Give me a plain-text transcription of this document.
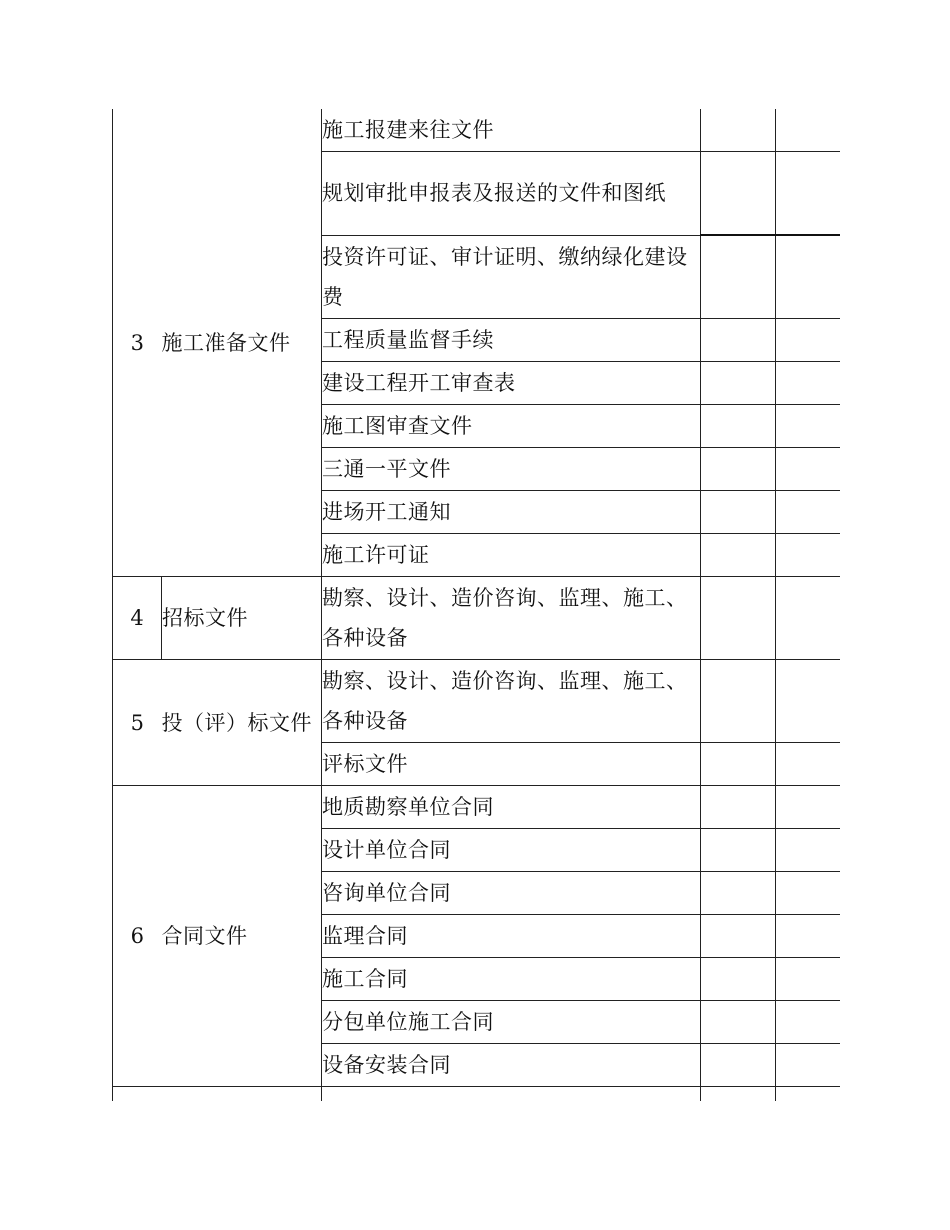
3	施工准备文件	施工报建来往文件		
		规划审批申报表及报送的文件和图纸		
		投资许可证、审计证明、缴纳绿化建设费		
		工程质量监督手续		
		建设工程开工审查表		
		施工图审查文件		
		三通一平文件		
		进场开工通知		
		施工许可证		
4	招标文件	勘察、设计、造价咨询、监理、施工、各种设备		
5	投（评）标文件	勘察、设计、造价咨询、监理、施工、各种设备		
		评标文件		
6	合同文件	地质勘察单位合同		
		设计单位合同		
		咨询单位合同		
		监理合同		
		施工合同		
		分包单位施工合同		
		设备安装合同		
